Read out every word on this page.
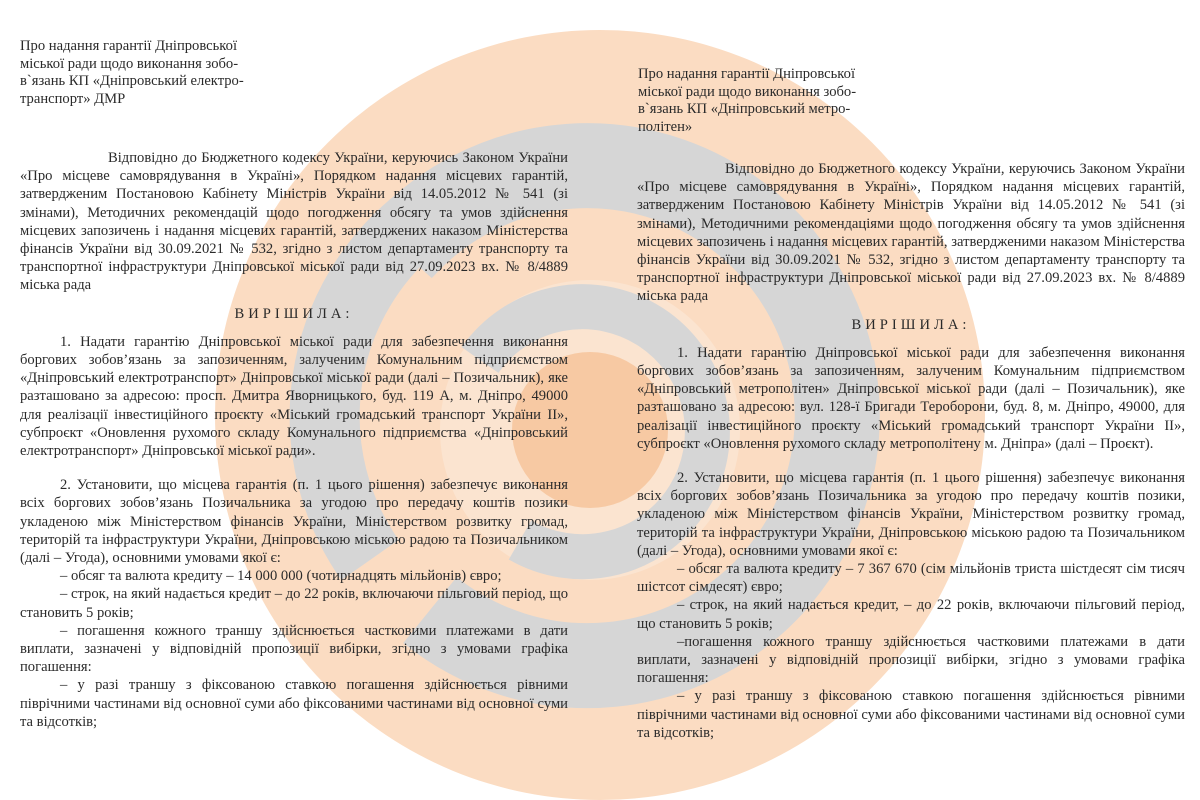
Про надання гарантії Дніпровської
міської ради щодо виконання зобо-
в`язань КП «Дніпровський електро-
транспорт» ДМР

Відповідно до Бюджетного кодексу України, керуючись Законом України «Про місцеве самоврядування в Україні», Порядком надання місцевих гарантій, затвердженим Постановою Кабінету Міністрів України від 14.05.2012 № 541 (зі змінами), Методичних рекомендацій щодо погодження обсягу та умов здійснення місцевих запозичень і надання місцевих гарантій, затверджених наказом Міністерства фінансів України від 30.09.2021 № 532, згідно з листом департаменту транспорту та транспортної інфраструктури Дніпровської міської ради від 27.09.2023 вх. № 8/4889 міська рада

ВИРІШИЛА:

1. Надати гарантію Дніпровської міської ради для забезпечення виконання боргових зобов’язань за запозиченням, залученим Комунальним підприємством «Дніпровський електротранспорт» Дніпровської міської ради (далі – Позичальник), яке разташовано за адресою: просп. Дмитра Яворницького, буд. 119 А, м. Дніпро, 49000 для реалізації інвестиційного проєкту «Міський громадський транспорт України ІІ», субпроєкт «Оновлення рухомого складу Комунального підприємства «Дніпровський електротранспорт» Дніпровської міської ради».

2. Установити, що місцева гарантія (п. 1 цього рішення) забезпечує виконання всіх боргових зобов’язань Позичальника за угодою про передачу коштів позики укладеною між Міністерством фінансів України, Міністерством розвитку громад, територій та інфраструктури України, Дніпровською міською радою та Позичальником (далі – Угода), основними умовами якої є:

– обсяг та валюта кредиту – 14 000 000 (чотирнадцять мільйонів) євро;

– строк, на який надається кредит – до 22 років, включаючи пільговий період, що становить 5 років;

– погашення кожного траншу здійснюється частковими платежами в дати виплати, зазначені у відповідній пропозиції вибірки, згідно з умовами графіка погашення:

– у разі траншу з фіксованою ставкою погашення здійснюється рівними піврічними частинами від основної суми або фіксованими частинами від основної суми та відсотків;

Про надання гарантії Дніпровської
міської ради щодо виконання зобо-
в`язань КП «Дніпровський метро-
політен»

Відповідно до Бюджетного кодексу України, керуючись Законом України «Про місцеве самоврядування в Україні», Порядком надання місцевих гарантій, затвердженим Постановою Кабінету Міністрів України від 14.05.2012 № 541 (зі змінами), Методичними рекомендаціями щодо погодження обсягу та умов здійснення місцевих запозичень і надання місцевих гарантій, затвердженими наказом Міністерства фінансів України від 30.09.2021 № 532, згідно з листом департаменту транспорту та транспортної інфраструктури Дніпровської міської ради від 27.09.2023 вх. № 8/4889 міська рада

ВИРІШИЛА:

1. Надати гарантію Дніпровської міської ради для забезпечення виконання боргових зобов’язань за запозиченням, залученим Комунальним підприємством «Дніпровський метрополітен» Дніпровської міської ради (далі – Позичальник), яке разташовано за адресою: вул. 128-ї Бригади Тероборони, буд. 8, м. Дніпро, 49000, для реалізації інвестиційного проєкту «Міський громадський транспорт України ІІ», субпроєкт «Оновлення рухомого складу метрополітену м. Дніпра» (далі – Проєкт).

2. Установити, що місцева гарантія (п. 1 цього рішення) забезпечує виконання всіх боргових зобов’язань Позичальника за угодою про передачу коштів позики, укладеною між Міністерством фінансів України, Міністерством розвитку громад, територій та інфраструктури України, Дніпровською міською радою та Позичальником (далі – Угода), основними умовами якої є:

– обсяг та валюта кредиту – 7 367 670 (сім мільйонів триста шістдесят сім тисяч шістсот сімдесят) євро;

– строк, на який надається кредит, – до 22 років, включаючи пільговий період, що становить 5 років;

–погашення кожного траншу здійснюється частковими платежами в дати виплати, зазначені у відповідній пропозиції вибірки, згідно з умовами графіка погашення:

– у разі траншу з фіксованою ставкою погашення здійснюється рівними піврічними частинами від основної суми або фіксованими частинами від основної суми та відсотків;
